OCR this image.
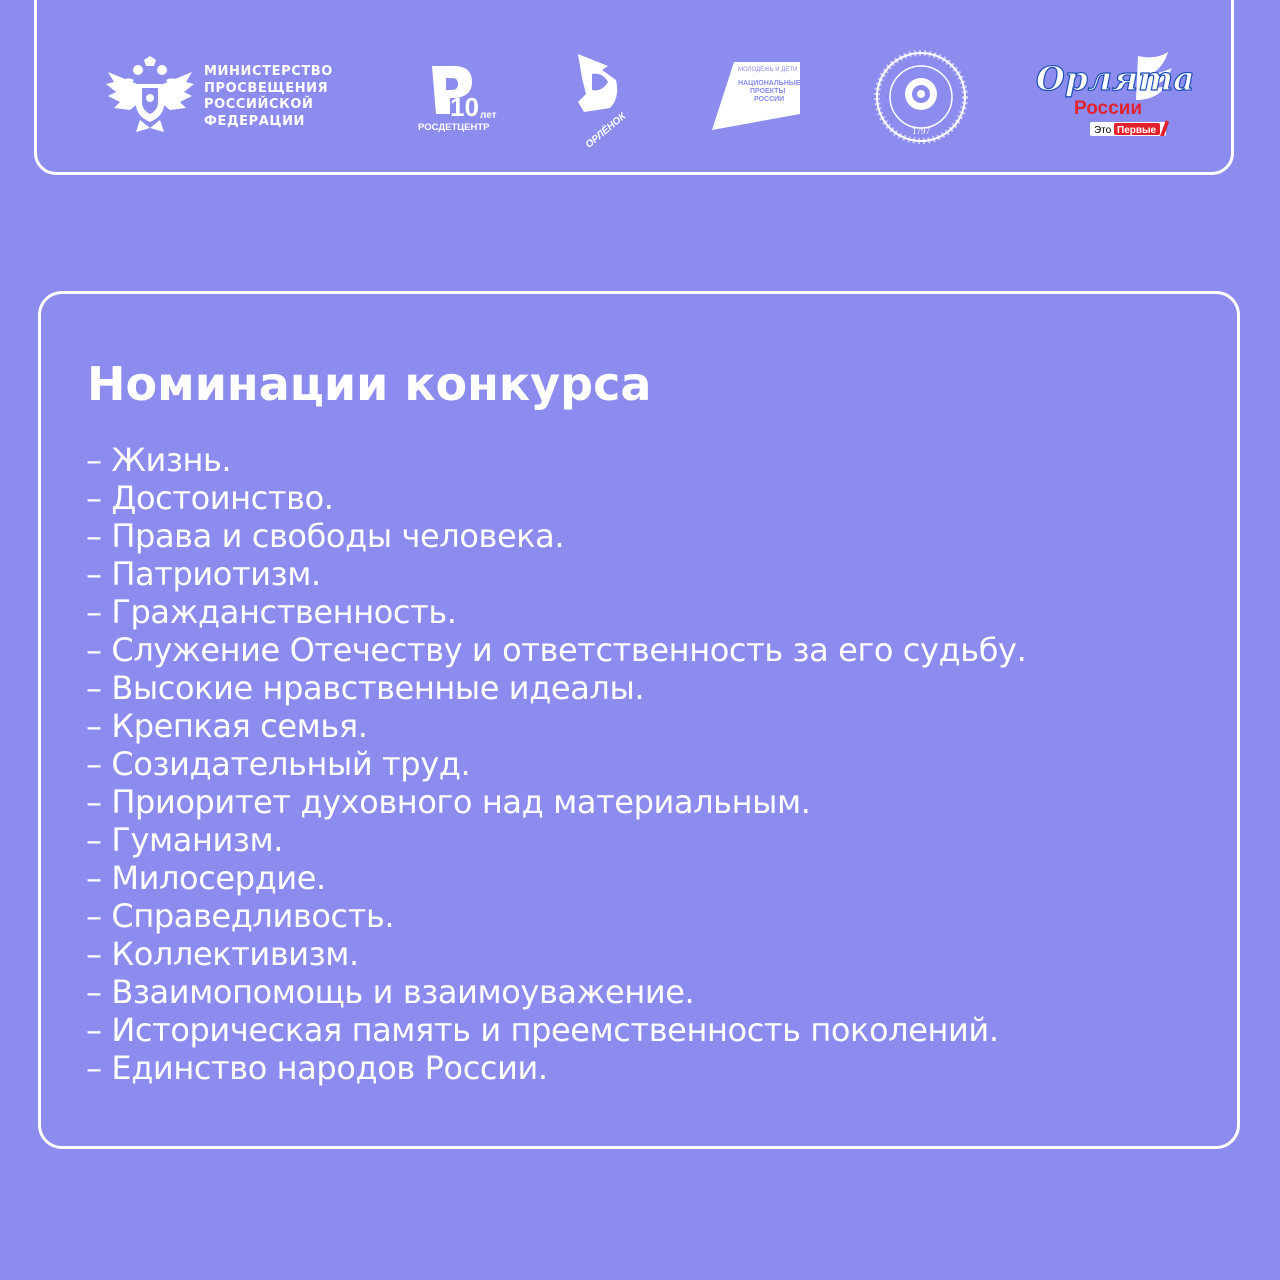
МИНИСТЕРСТВО
ПРОСВЕЩЕНИЯ
РОССИЙСКОЙ
ФЕДЕРАЦИИ	10 лет
РОСДЕТЦЕНТР	ОРЛЁНОК
МОЛОДЁЖЬ И ДЕТИ
НАЦИОНАЛЬНЫЕ
ПРОЕКТЫ
РОССИИ
1797
Орлята
России
Это Первые
Номинации конкурса
– Жизнь.
– Достоинство.
– Права и свободы человека.
– Патриотизм.
– Гражданственность.
– Служение Отечеству и ответственность за его судьбу.
– Высокие нравственные идеалы.
– Крепкая семья.
– Созидательный труд.
– Приоритет духовного над материальным.
– Гуманизм.
– Милосердие.
– Справедливость.
– Коллективизм.
– Взаимопомощь и взаимоуважение.
– Историческая память и преемственность поколений.
– Единство народов России.
